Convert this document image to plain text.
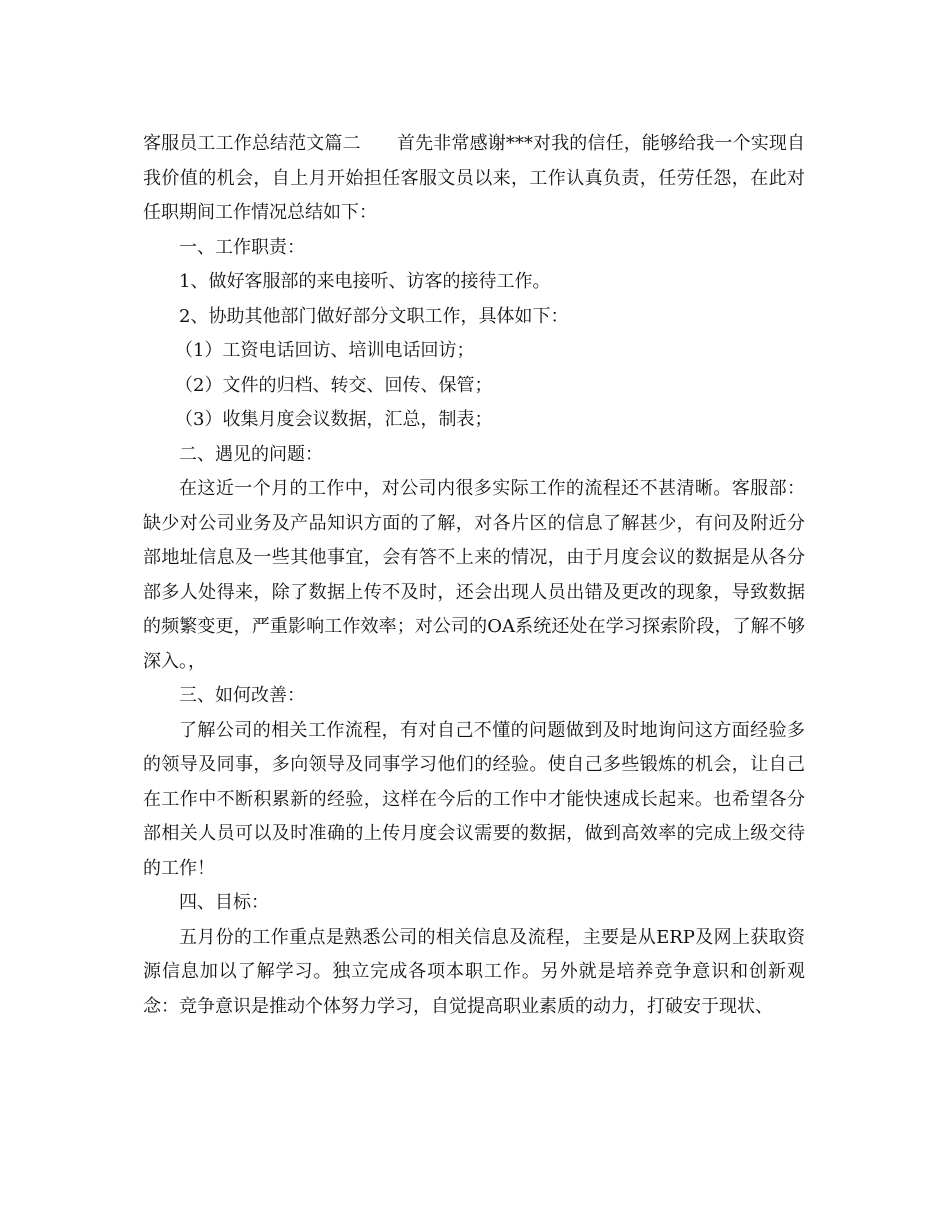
客服员工工作总结范文篇二　　首先非常感谢***对我的信任，能够给我一个实现自我价值的机会，自上月开始担任客服文员以来，工作认真负责，任劳任怨，在此对任职期间工作情况总结如下：

一、工作职责：

1、做好客服部的来电接听、访客的接待工作。

2、协助其他部门做好部分文职工作，具体如下：

（1）工资电话回访、培训电话回访；

（2）文件的归档、转交、回传、保管；

（3）收集月度会议数据，汇总，制表；

二、遇见的问题：

在这近一个月的工作中，对公司内很多实际工作的流程还不甚清晰。客服部：缺少对公司业务及产品知识方面的了解，对各片区的信息了解甚少，有问及附近分部地址信息及一些其他事宜，会有答不上来的情况，由于月度会议的数据是从各分部多人处得来，除了数据上传不及时，还会出现人员出错及更改的现象，导致数据的频繁变更，严重影响工作效率；对公司的OA系统还处在学习探索阶段，了解不够深入。，

三、如何改善：

了解公司的相关工作流程，有对自己不懂的问题做到及时地询问这方面经验多的领导及同事，多向领导及同事学习他们的经验。使自己多些锻炼的机会，让自己在工作中不断积累新的经验，这样在今后的工作中才能快速成长起来。也希望各分部相关人员可以及时准确的上传月度会议需要的数据，做到高效率的完成上级交待的工作！

四、目标：

五月份的工作重点是熟悉公司的相关信息及流程，主要是从ERP及网上获取资源信息加以了解学习。独立完成各项本职工作。另外就是培养竞争意识和创新观念：竞争意识是推动个体努力学习，自觉提高职业素质的动力，打破安于现状、
